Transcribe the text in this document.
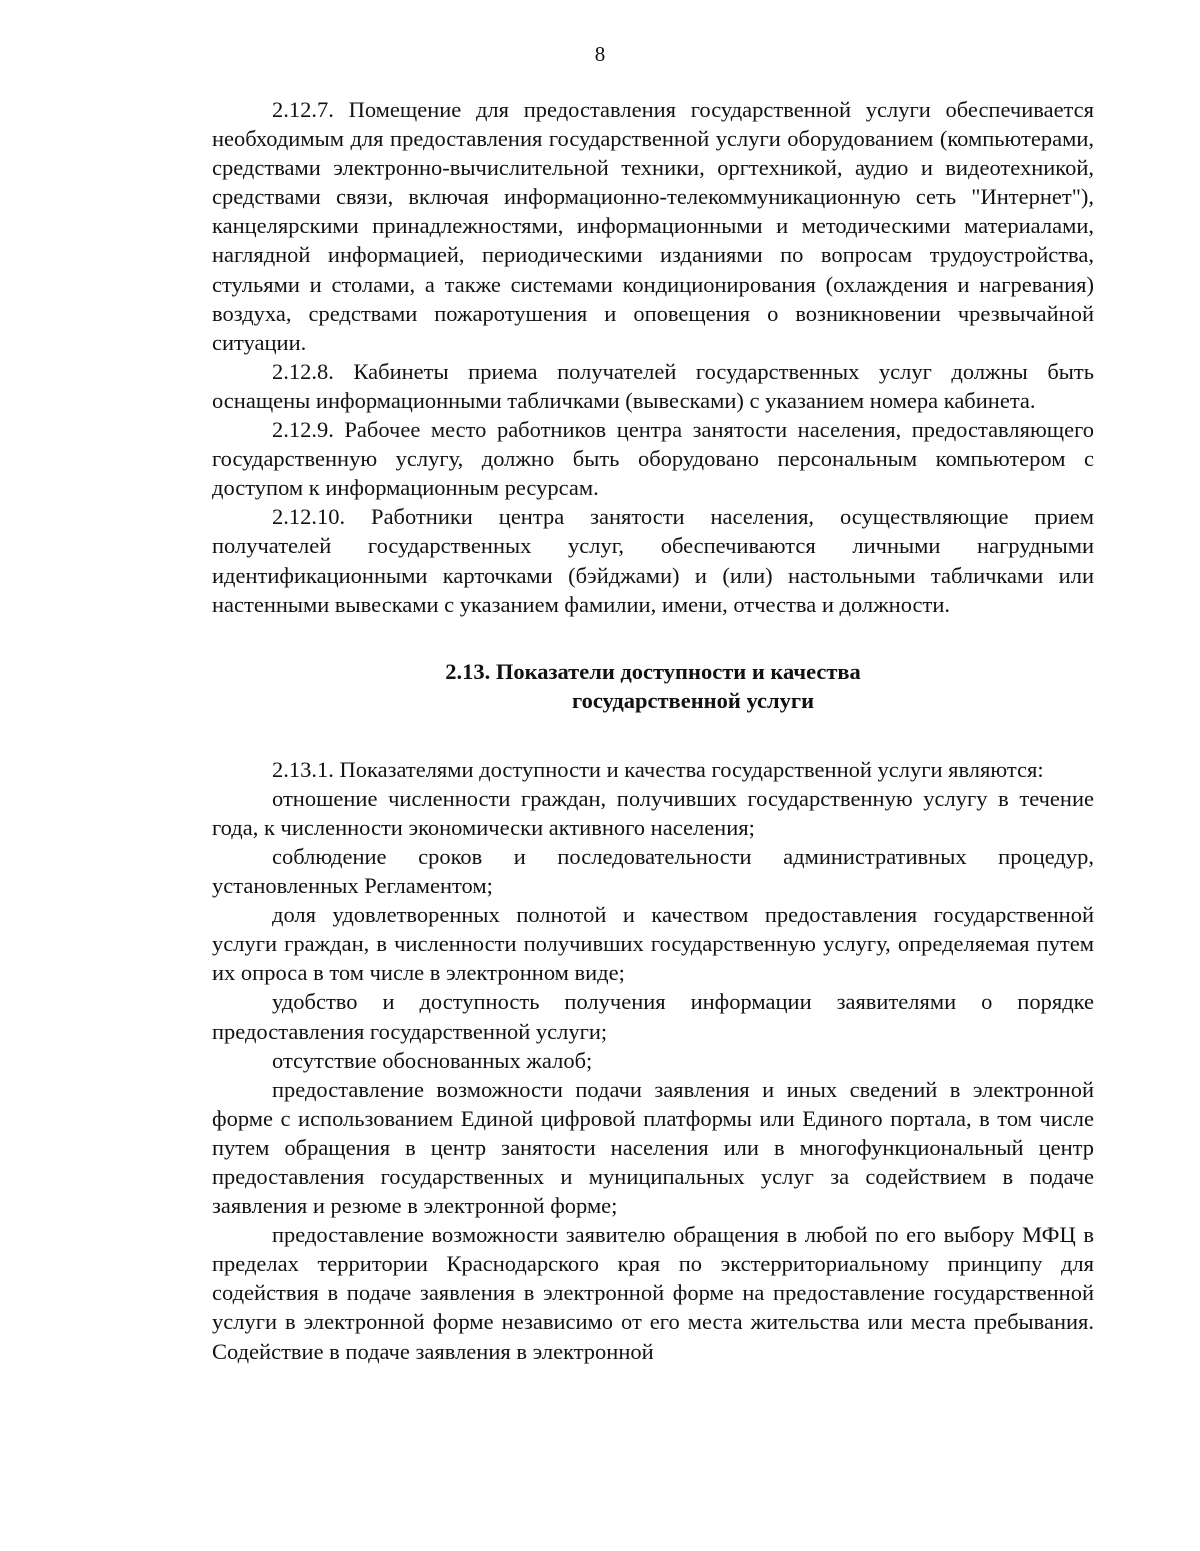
8

2.12.7. Помещение для предоставления государственной услуги обеспечивается необходимым для предоставления государственной услуги оборудованием (компьютерами, средствами электронно-вычислительной техники, оргтехникой, аудио и видеотехникой, средствами связи, включая информационно-телекоммуникационную сеть "Интернет"), канцелярскими принадлежностями, информационными и методическими материалами, наглядной информацией, периодическими изданиями по вопросам трудоустройства, стульями и столами, а также системами кондиционирования (охлаждения и нагревания) воздуха, средствами пожаротушения и оповещения о возникновении чрезвычайной ситуации.

2.12.8. Кабинеты приема получателей государственных услуг должны быть оснащены информационными табличками (вывесками) с указанием номера кабинета.

2.12.9. Рабочее место работников центра занятости населения, предоставляющего государственную услугу, должно быть оборудовано персональным компьютером с доступом к информационным ресурсам.

2.12.10. Работники центра занятости населения, осуществляющие прием получателей государственных услуг, обеспечиваются личными нагрудными идентификационными карточками (бэйджами) и (или) настольными табличками или настенными вывесками с указанием фамилии, имени, отчества и должности.

2.13. Показатели доступности и качества
государственной услуги

2.13.1. Показателями доступности и качества государственной услуги являются:

отношение численности граждан, получивших государственную услугу в течение года, к численности экономически активного населения;

соблюдение сроков и последовательности административных процедур, установленных Регламентом;

доля удовлетворенных полнотой и качеством предоставления государственной услуги граждан, в численности получивших государственную услугу, определяемая путем их опроса в том числе в электронном виде;

удобство и доступность получения информации заявителями о порядке предоставления государственной услуги;

отсутствие обоснованных жалоб;

предоставление возможности подачи заявления и иных сведений в электронной форме с использованием Единой цифровой платформы или Единого портала, в том числе путем обращения в центр занятости населения или в многофункциональный центр предоставления государственных и муниципальных услуг за содействием в подаче заявления и резюме в электронной форме;

предоставление возможности заявителю обращения в любой по его выбору МФЦ в пределах территории Краснодарского края по экстерриториальному принципу для содействия в подаче заявления в электронной форме на предоставление государственной услуги в электронной форме независимо от его места жительства или места пребывания. Содействие в подаче заявления в электронной
